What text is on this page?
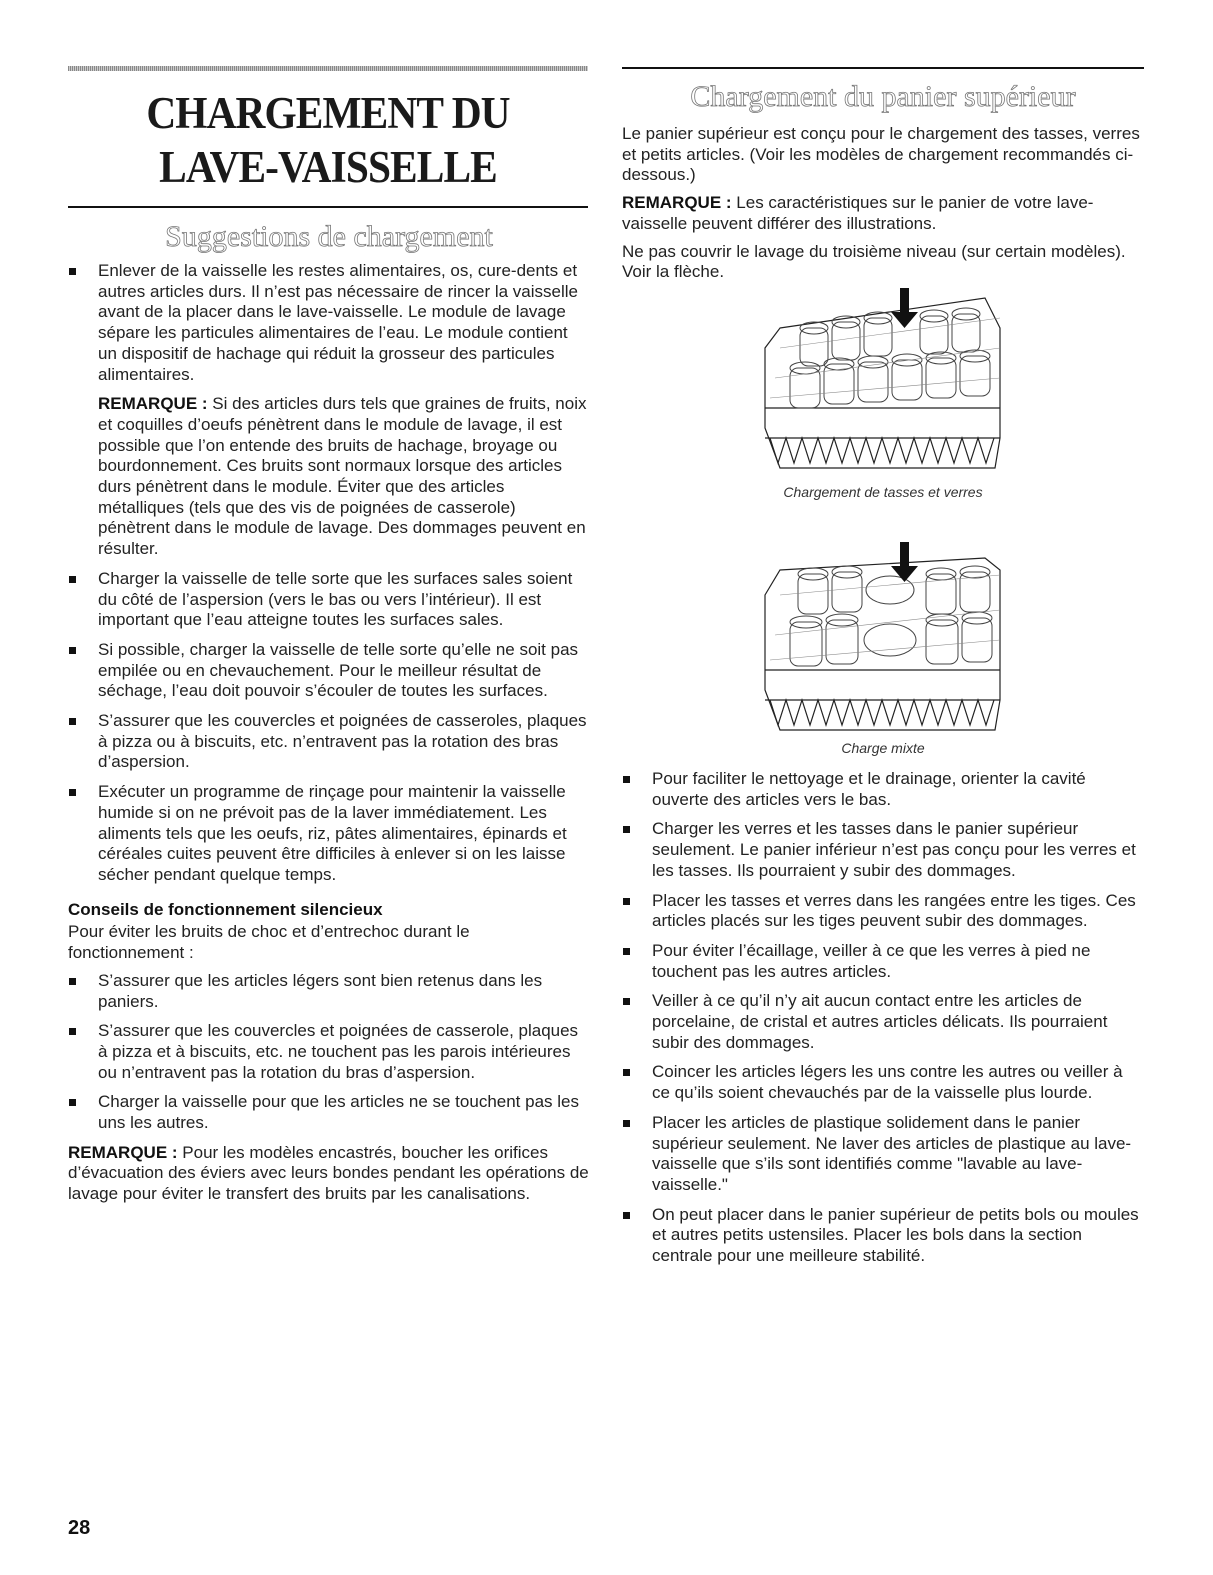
CHARGEMENT DU LAVE-VAISSELLE
Suggestions de chargement
Enlever de la vaisselle les restes alimentaires, os, cure-dents et autres articles durs. Il n’est pas nécessaire de rincer la vaisselle avant de la placer dans le lave-vaisselle. Le module de lavage sépare les particules alimentaires de l’eau. Le module contient un dispositif de hachage qui réduit la grosseur des particules alimentaires.

REMARQUE : Si des articles durs tels que graines de fruits, noix et coquilles d’oeufs pénètrent dans le module de lavage, il est possible que l’on entende des bruits de hachage, broyage ou bourdonnement. Ces bruits sont normaux lorsque des articles durs pénètrent dans le module. Éviter que des articles métalliques (tels que des vis de poignées de casserole) pénètrent dans le module de lavage. Des dommages peuvent en résulter.

Charger la vaisselle de telle sorte que les surfaces sales soient du côté de l’aspersion (vers le bas ou vers l’intérieur). Il est important que l’eau atteigne toutes les surfaces sales.
Si possible, charger la vaisselle de telle sorte qu’elle ne soit pas empilée ou en chevauchement. Pour le meilleur résultat de séchage, l’eau doit pouvoir s’écouler de toutes les surfaces.
S’assurer que les couvercles et poignées de casseroles, plaques à pizza ou à biscuits, etc. n’entravent pas la rotation des bras d’aspersion.
Exécuter un programme de rinçage pour maintenir la vaisselle humide si on ne prévoit pas de la laver immédiatement. Les aliments tels que les oeufs, riz, pâtes alimentaires, épinards et céréales cuites peuvent être difficiles à enlever si on les laisse sécher pendant quelque temps.
Conseils de fonctionnement silencieux

Pour éviter les bruits de choc et d’entrechoc durant le fonctionnement :

S’assurer que les articles légers sont bien retenus dans les paniers.
S’assurer que les couvercles et poignées de casserole, plaques à pizza et à biscuits, etc. ne touchent pas les parois intérieures ou n’entravent pas la rotation du bras d’aspersion.
Charger la vaisselle pour que les articles ne se touchent pas les uns les autres.

REMARQUE : Pour les modèles encastrés, boucher les orifices d’évacuation des éviers avec leurs bondes pendant les opérations de lavage pour éviter le transfert des bruits par les canalisations.

Chargement du panier supérieur

Le panier supérieur est conçu pour le chargement des tasses, verres et petits articles. (Voir les modèles de chargement recommandés ci-dessous.)

REMARQUE : Les caractéristiques sur le panier de votre lave-vaisselle peuvent différer des illustrations.

Ne pas couvrir le lavage du troisième niveau (sur certain modèles). Voir la flèche.

Chargement de tasses et verres
Charge mixte
Pour faciliter le nettoyage et le drainage, orienter la cavité ouverte des articles vers le bas.
Charger les verres et les tasses dans le panier supérieur seulement. Le panier inférieur n’est pas conçu pour les verres et les tasses. Ils pourraient y subir des dommages.
Placer les tasses et verres dans les rangées entre les tiges. Ces articles placés sur les tiges peuvent subir des dommages.
Pour éviter l’écaillage, veiller à ce que les verres à pied ne touchent pas les autres articles.
Veiller à ce qu’il n’y ait aucun contact entre les articles de porcelaine, de cristal et autres articles délicats. Ils pourraient subir des dommages.
Coincer les articles légers les uns contre les autres ou veiller à ce qu’ils soient chevauchés par de la vaisselle plus lourde.
Placer les articles de plastique solidement dans le panier supérieur seulement. Ne laver des articles de plastique au lave-vaisselle que s’ils sont identifiés comme "lavable au lave-vaisselle."
On peut placer dans le panier supérieur de petits bols ou moules et autres petits ustensiles. Placer les bols dans la section centrale pour une meilleure stabilité.
28
